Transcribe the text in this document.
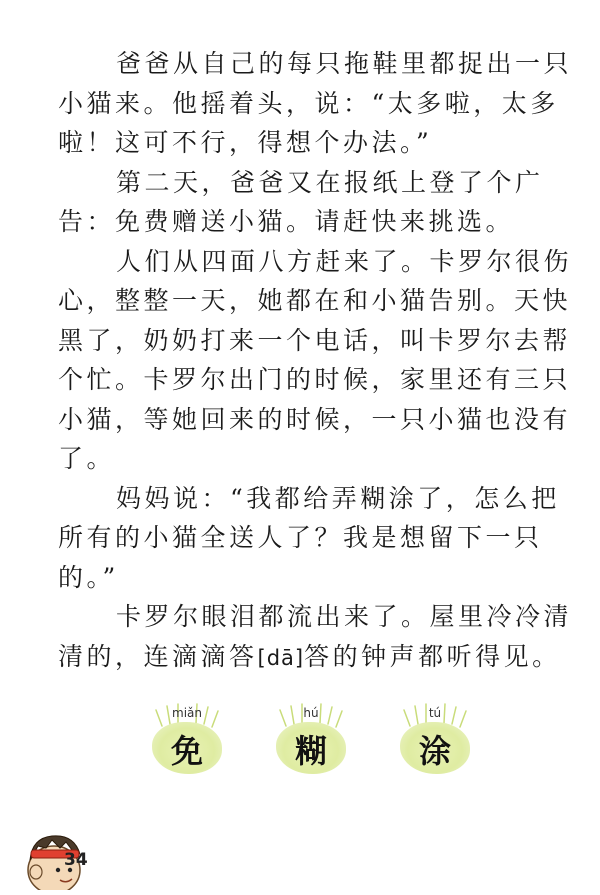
爸爸从自己的每只拖鞋里都捉出一只小猫来。他摇着头，说：“太多啦，太多啦！这可不行，得想个办法。”

第二天，爸爸又在报纸上登了个广告：免费赠送小猫。请赶快来挑选。

人们从四面八方赶来了。卡罗尔很伤心，整整一天，她都在和小猫告别。天快黑了，奶奶打来一个电话，叫卡罗尔去帮个忙。卡罗尔出门的时候，家里还有三只小猫，等她回来的时候，一只小猫也没有了。

妈妈说：“我都给弄糊涂了，怎么把所有的小猫全送人了？我是想留下一只的。”

卡罗尔眼泪都流出来了。屋里冷冷清清的，连滴滴答[dā]答的钟声都听得见。

miǎn
免
hú
糊
tú
涂
34
